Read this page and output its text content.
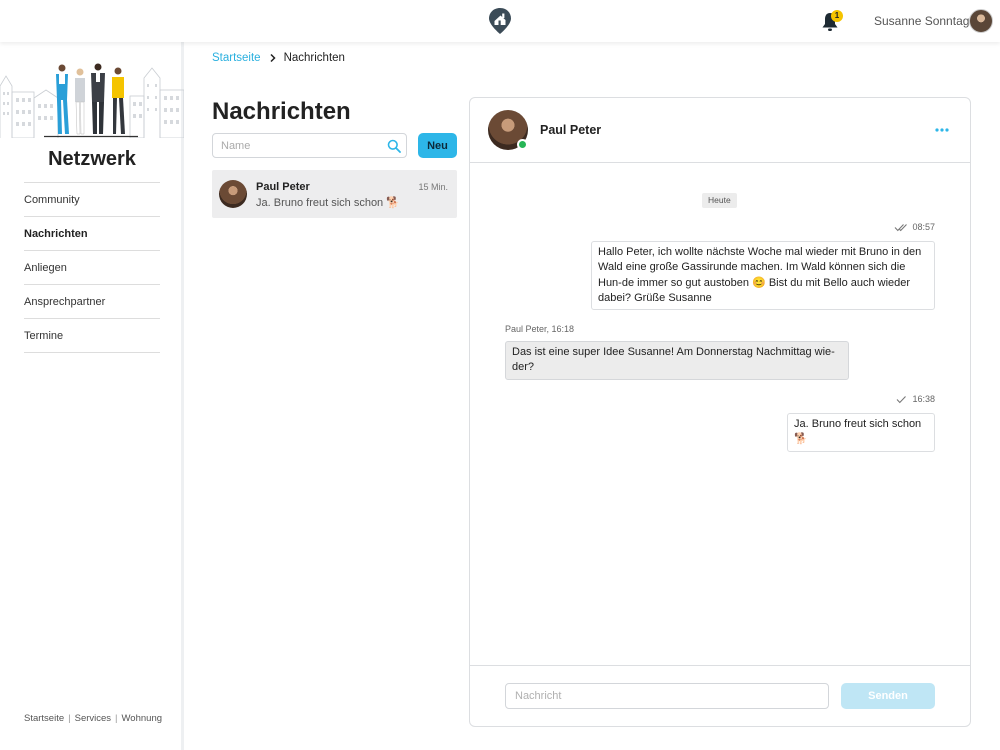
1	Susanne Sonntag
Netzwerk
Community
Nachrichten
Anliegen
Ansprechpartner
Termine
Startseite | Services | Wohnung
Startseite Nachrichten
Nachrichten
Name
Neu
Paul Peter	15 Min.
Ja. Bruno freut sich schon 🐕
Paul Peter
Heute
08:57
Hallo Peter, ich wollte nächste Woche mal wieder mit Bruno in den Wald eine große Gassirunde machen. Im Wald können sich die Hun-de immer so gut austoben 😊 Bist du mit Bello auch wieder dabei? Grüße Susanne
Paul Peter, 16:18
Das ist eine super Idee Susanne! Am Donnerstag Nachmittag wie-der?
16:38
Ja. Bruno freut sich schon 🐕
Nachricht
Senden
